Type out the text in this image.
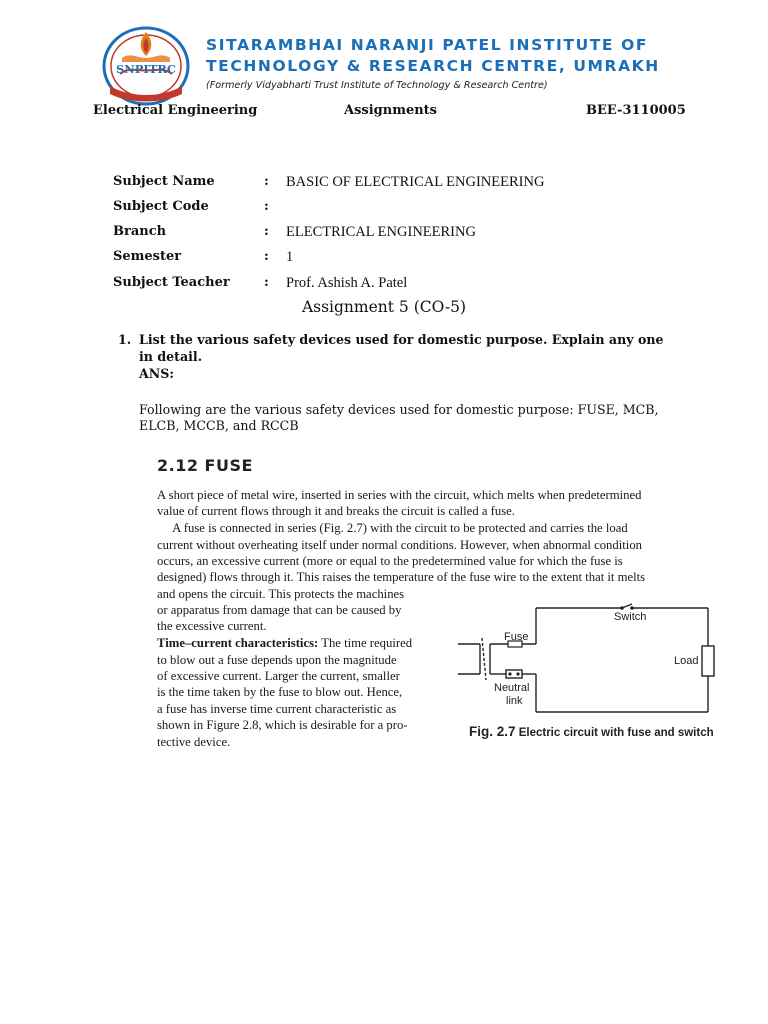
SNPITRC
SITARAMBHAI NARANJI PATEL INSTITUTE OF
TECHNOLOGY & RESEARCH CENTRE, UMRAKH
(Formerly Vidyabharti Trust Institute of Technology & Research Centre)
Electrical Engineering	Assignments	BEE-3110005
Subject Name	: BASIC OF ELECTRICAL ENGINEERING
Subject Code	:
Branch	: ELECTRICAL ENGINEERING
Semester	: 1
Subject Teacher	: Prof. Ashish A. Patel
Assignment 5 (CO-5)
1. List the various safety devices used for domestic purpose. Explain any one
in detail.
ANS:
Following are the various safety devices used for domestic purpose: FUSE, MCB,
ELCB, MCCB, and RCCB
2.12 FUSE
A short piece of metal wire, inserted in series with the circuit, which melts when predetermined
value of current flows through it and breaks the circuit is called a fuse.
A fuse is connected in series (Fig. 2.7) with the circuit to be protected and carries the load
current without overheating itself under normal conditions. However, when abnormal condition
occurs, an excessive current (more or equal to the predetermined value for which the fuse is
designed) flows through it. This raises the temperature of the fuse wire to the extent that it melts
and opens the circuit. This protects the machines
or apparatus from damage that can be caused by
the excessive current.
Time–current characteristics: The time required
to blow out a fuse depends upon the magnitude
of excessive current. Larger the current, smaller
is the time taken by the fuse to blow out. Hence,
a fuse has inverse time current characteristic as
shown in Figure 2.8, which is desirable for a pro-
tective device.
Switch
Fuse
Load
Neutral
link
Fig. 2.7 Electric circuit with fuse and switch
